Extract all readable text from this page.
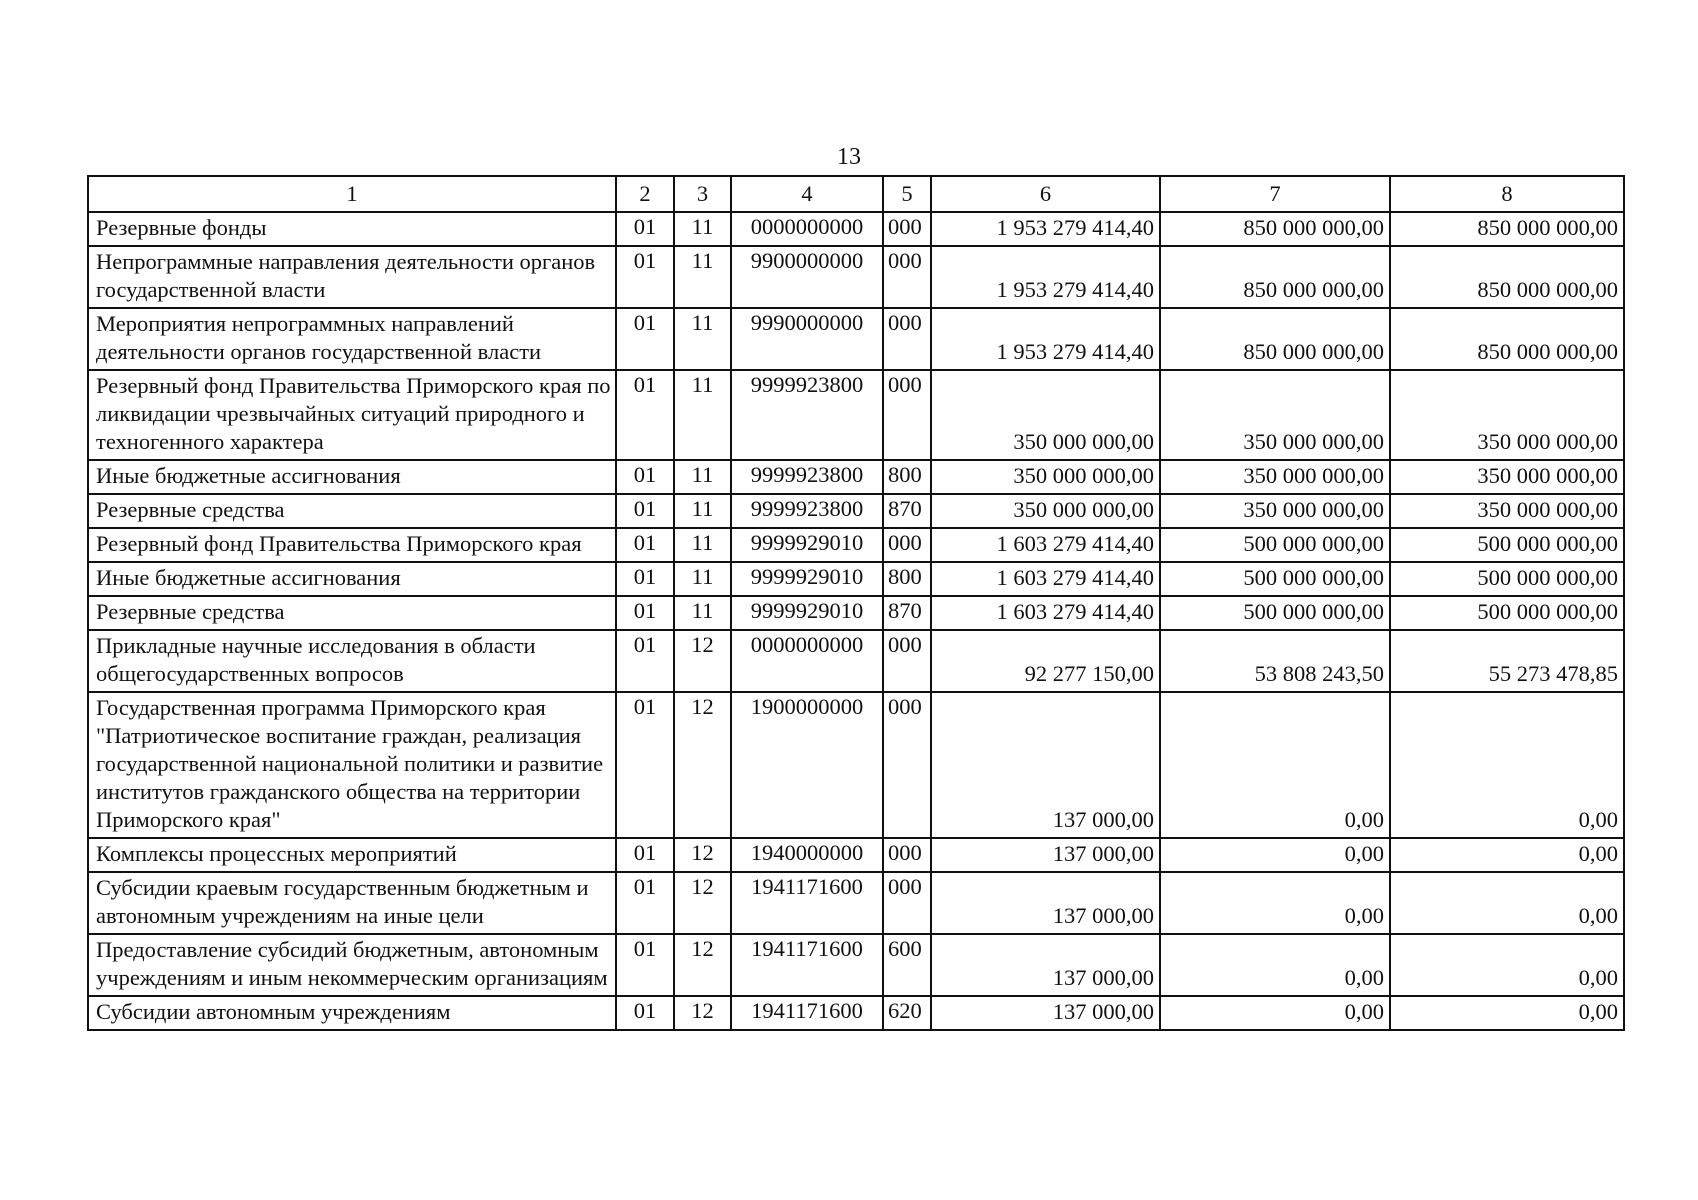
13
1	2	3	4	5	6	7	8
Резервные фонды	01	11	0000000000	000	1 953 279 414,40	850 000 000,00	850 000 000,00
Непрограммные направления деятельности органов государственной власти	01	11	9900000000	000	1 953 279 414,40	850 000 000,00	850 000 000,00
Мероприятия непрограммных направлений деятельности органов государственной власти	01	11	9990000000	000	1 953 279 414,40	850 000 000,00	850 000 000,00
Резервный фонд Правительства Приморского края по ликвидации чрезвычайных ситуаций природного и техногенного характера	01	11	9999923800	000	350 000 000,00	350 000 000,00	350 000 000,00
Иные бюджетные ассигнования	01	11	9999923800	800	350 000 000,00	350 000 000,00	350 000 000,00
Резервные средства	01	11	9999923800	870	350 000 000,00	350 000 000,00	350 000 000,00
Резервный фонд Правительства Приморского края	01	11	9999929010	000	1 603 279 414,40	500 000 000,00	500 000 000,00
Иные бюджетные ассигнования	01	11	9999929010	800	1 603 279 414,40	500 000 000,00	500 000 000,00
Резервные средства	01	11	9999929010	870	1 603 279 414,40	500 000 000,00	500 000 000,00
Прикладные научные исследования в области общегосударственных вопросов	01	12	0000000000	000	92 277 150,00	53 808 243,50	55 273 478,85
Государственная программа Приморского края "Патриотическое воспитание граждан, реализация государственной национальной политики и развитие институтов гражданского общества на территории Приморского края"	01	12	1900000000	000	137 000,00	0,00	0,00
Комплексы процессных мероприятий	01	12	1940000000	000	137 000,00	0,00	0,00
Субсидии краевым государственным бюджетным и автономным учреждениям на иные цели	01	12	1941171600	000	137 000,00	0,00	0,00
Предоставление субсидий бюджетным, автономным учреждениям и иным некоммерческим организациям	01	12	1941171600	600	137 000,00	0,00	0,00
Субсидии автономным учреждениям	01	12	1941171600	620	137 000,00	0,00	0,00
